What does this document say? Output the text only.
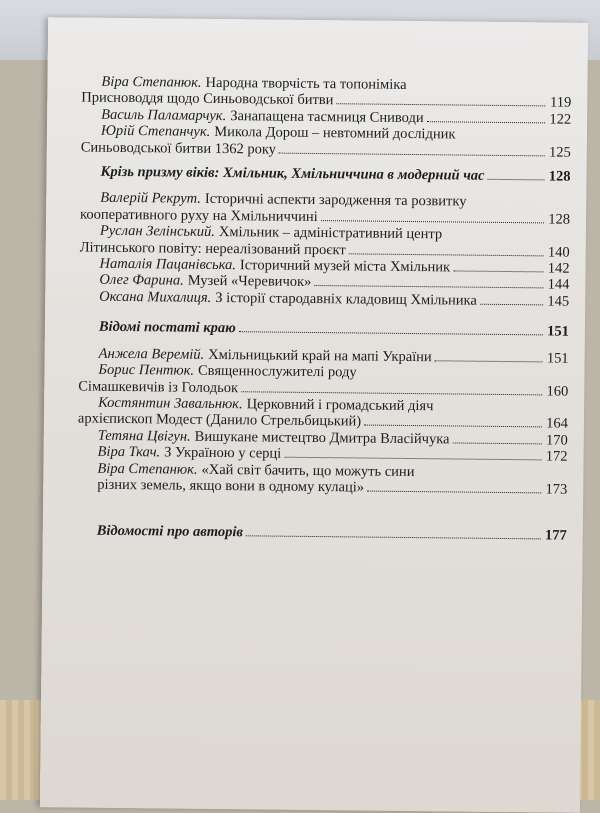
Віра Степанюк. Народна творчість та топоніміка
Присноводдя щодо Синьоводської битви	119
Василь Паламарчук. Занапащена тасмниця Сниводи	122
Юрій Степанчук. Микола Дорош – невтомний дослідник
Синьоводської битви 1362 року	125
Крізь призму віків: Хмільник, Хмільниччина в модерний час	128
Валерій Рекрут. Історичні аспекти зародження та розвитку
кооперативного руху на Хмільниччині	128
Руслан Зелінський. Хмільник – адміністративний центр
Літинського повіту: нереалізований проєкт	140
Наталія Пацанівська. Історичний музей міста Хмільник	142
Олег Фарина. Музей «Черевичок»	144
Оксана Михалиця. З історії стародавніх кладовищ Хмільника	145
Відомі постаті краю	151
Анжела Веремій. Хмільницький край на мапі України	151
Борис Пентюк. Священнослужителі роду
Сімашкевичів із Голодьок	160
Костянтин Завальнюк. Церковний і громадський діяч
архієпископ Модест (Данило Стрельбицький)	164
Тетяна Цвігун. Вишукане мистецтво Дмитра Власійчука	170
Віра Ткач. З Україною у серці	172
Віра Степанюк. «Хай світ бачить, що можуть сини
різних земель, якщо вони в одному кулаці»	173
Відомості про авторів	177
